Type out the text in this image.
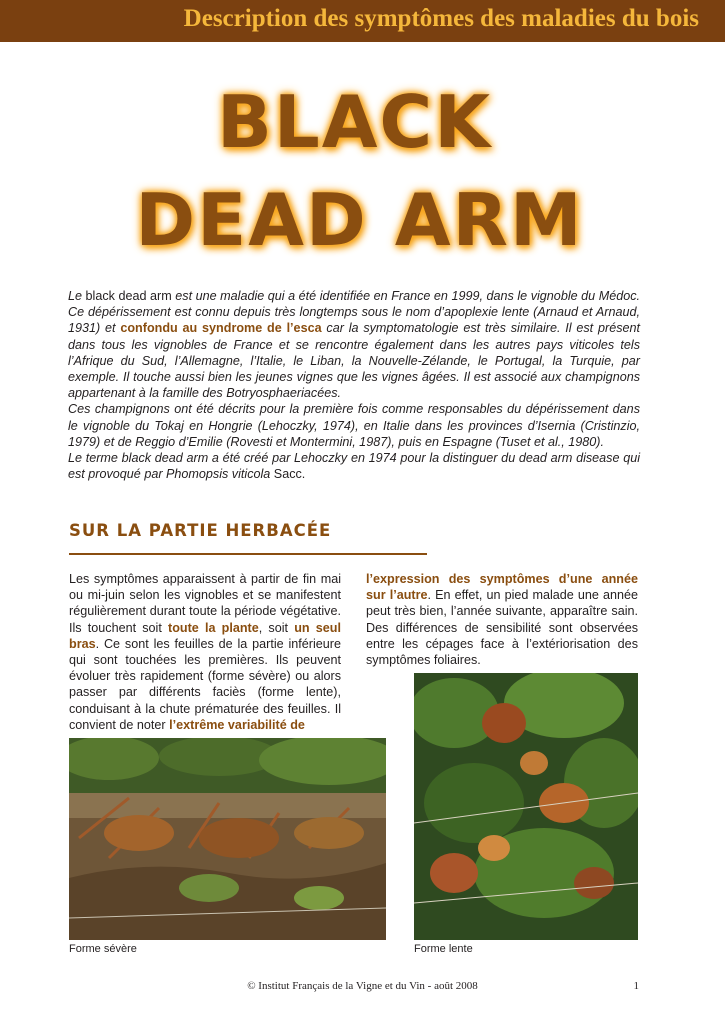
Description des symptômes des maladies du bois
BLACK
DEAD ARM

Le black dead arm est une maladie qui a été identifiée en France en 1999, dans le vignoble du Médoc. Ce dépérissement est connu depuis très longtemps sous le nom d’apoplexie lente (Arnaud et Arnaud, 1931) et confondu au syndrome de l’esca car la symptomatologie est très similaire. Il est présent dans tous les vignobles de France et se rencontre également dans les autres pays viticoles tels l’Afrique du Sud, l’Allemagne, l’Italie, le Liban, la Nouvelle-Zélande, le Portugal, la Turquie, par exemple. Il touche aussi bien les jeunes vignes que les vignes âgées. Il est associé aux champignons appartenant à la famille des Botryosphaeriacées.

Ces champignons ont été décrits pour la première fois comme responsables du dépérissement dans le vignoble du Tokaj en Hongrie (Lehoczky, 1974), en Italie dans les provinces d’Isernia (Cristinzio, 1979) et de Reggio d’Emilie (Rovesti et Montermini, 1987), puis en Espagne (Tuset et al., 1980).

Le terme black dead arm a été créé par Lehoczky en 1974 pour la distinguer du dead arm disease qui est provoqué par Phomopsis viticola Sacc.

SUR LA PARTIE HERBACÉE
Les symptômes apparaissent à partir de fin mai ou mi-juin selon les vignobles et se manifestent régulièrement durant toute la période végétative. Ils touchent soit toute la plante, soit un seul bras. Ce sont les feuilles de la partie inférieure qui sont touchées les premières. Ils peuvent évoluer très rapidement (forme sévère) ou alors passer par différents faciès (forme lente), conduisant à la chute prématurée des feuilles. Il convient de noter l’extrême variabilité de
l’expression des symptômes d’une année sur l’autre. En effet, un pied malade une année peut très bien, l’année suivante, apparaître sain. Des différences de sensibilité sont observées entre les cépages face à l’extériorisation des symptômes foliaires.
Forme sévère	Forme lente
© Institut Français de la Vigne et du Vin - août 2008	1
